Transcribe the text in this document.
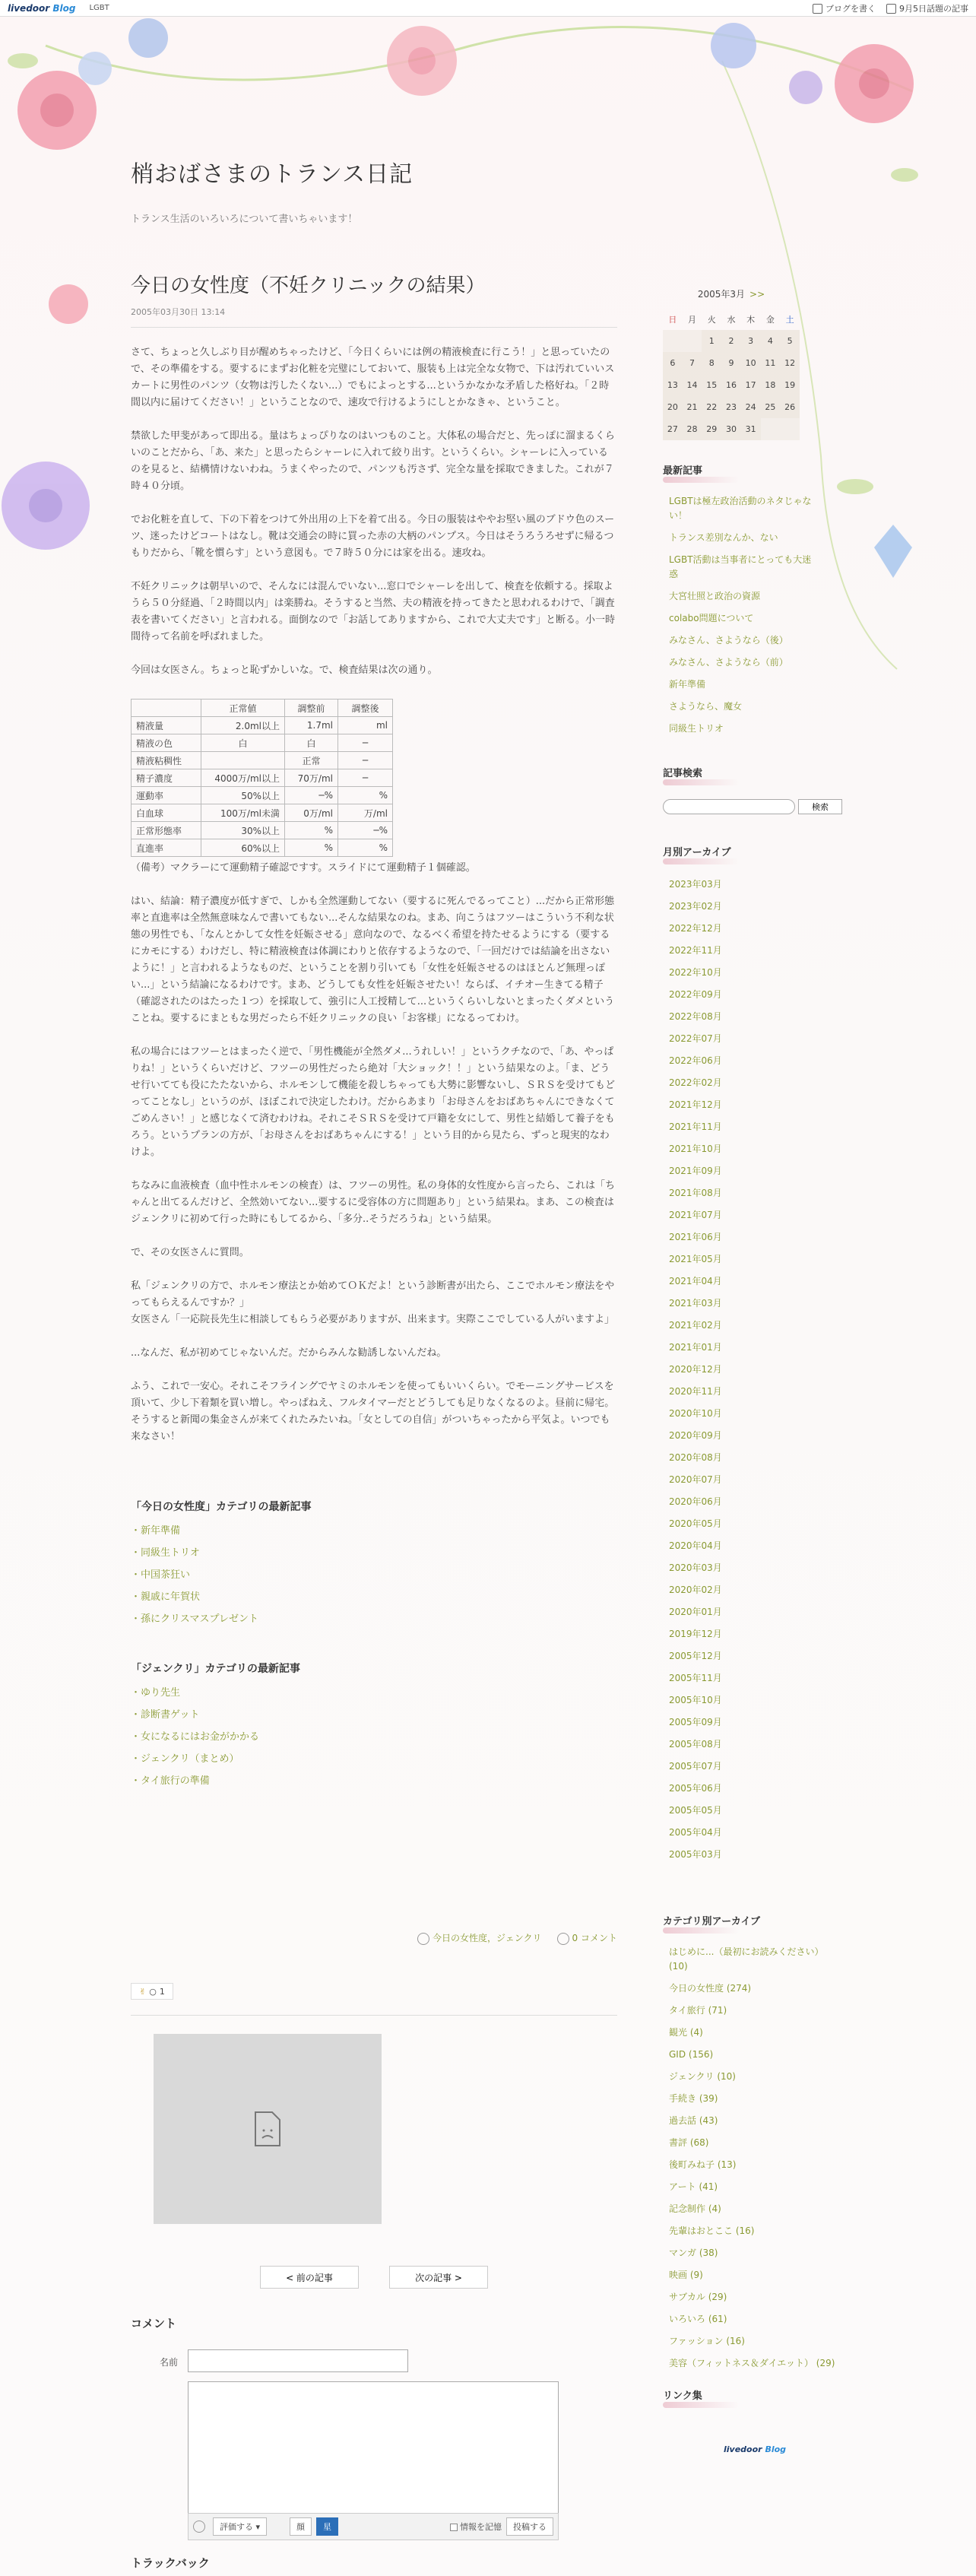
livedoor Blog LGBT	ブログを書く	9月5日話題の記事
梢おばさまのトランス日記
トランス生活のいろいろについて書いちゃいます！
今日の女性度（不妊クリニックの結果）
2005年03月30日 13:14

さて、ちょっと久しぶり目が醒めちゃったけど、「今日くらいには例の精液検査に行こう！」と思っていたので、その準備をする。要するにまずお化粧を完璧にしておいて、服装も上は完全な女物で、下は汚れていいスカートに男性のパンツ（女物は汚したくない...）でもによっとする...というかなかな矛盾した格好ね。「２時間以内に届けてください！」ということなので、速攻で行けるようにしとかなきゃ、ということ。

禁欲した甲斐があって即出る。量はちょっぴりなのはいつものこと。大体私の場合だと、先っぽに溜まるくらいのことだから、「あ、来た」と思ったらシャーレに入れて絞り出す。というくらい。シャーレに入っているのを見ると、結構情けないわね。うまくやったので、パンツも汚さず、完全な量を採取できました。これが７時４０分頃。

でお化粧を直して、下の下着をつけて外出用の上下を着て出る。今日の服装はややお堅い風のブドウ色のスーツ、迷ったけどコートはなし。靴は交通会の時に買った赤の大柄のパンプス。今日はそうろうろせずに帰るつもりだから、「靴を慣らす」という意図も。で７時５０分には家を出る。速攻ね。

不妊クリニックは朝早いので、そんなには混んでいない...窓口でシャーレを出して、検査を依頼する。採取ようら５０分経過、「２時間以内」は楽勝ね。そうすると当然、夫の精液を持ってきたと思われるわけで、「調査表を書いてください」と言われる。面倒なので「お話してありますから、これで大丈夫です」と断る。小一時間待って名前を呼ばれました。

今回は女医さん。ちょっと恥ずかしいな。で、検査結果は次の通り。

	正常値	調整前	調整後
精液量	2.0ml以上	1.7ml	ml
精液の色	白	白	─
精液粘稠性		正常	─
精子濃度	4000万/ml以上	70万/ml	─
運動率	50%以上	─%	%
白血球	100万/ml未満	0万/ml	万/ml
正常形態率	30%以上	%	─%
直進率	60%以上	%	%

（備考）マクラーにて運動精子確認ですす。スライドにて運動精子１個確認。

はい、結論：精子濃度が低すぎで、しかも全然運動してない（要するに死んでるってこと）...だから正常形態率と直進率は全然無意味なんで書いてもない...そんな結果なのね。まあ、向こうはフツーはこういう不利な状態の男性でも、「なんとかして女性を妊娠させる」意向なので、なるべく希望を持たせるようにする（要するにカモにする）わけだし、特に精液検査は体調にわりと依存するようなので、「一回だけでは結論を出さないように！」と言われるようなものだ、ということを割り引いても「女性を妊娠させるのはほとんど無理っぽい...」という結論になるわけです。まあ、どうしても女性を妊娠させたい！ならば、イチオー生きてる精子（確認されたのはたった１つ）を採取して、強引に人工授精して...というくらいしないとまったくダメということね。要するにまともな男だったら不妊クリニックの良い「お客様」になるってわけ。

私の場合にはフツーとはまったく逆で、「男性機能が全然ダメ...うれしい！」というクチなので、「あ、やっぱりね！」というくらいだけど、フツーの男性だったら絶対「大ショック！！」という結果なのよ。「ま、どうせ行いてても役にたたないから、ホルモンして機能を殺しちゃっても大勢に影響ないし、ＳＲＳを受けてもどってことなし」というのが、ほぼこれで決定したわけ。だからあまり「お母さんをおばあちゃんにできなくてごめんさい！」と感じなくて済むわけね。それこそＳＲＳを受けて戸籍を女にして、男性と結婚して養子をもろう。というプランの方が、「お母さんをおばあちゃんにする！」という目的から見たら、ずっと現実的なわけよ。

ちなみに血液検査（血中性ホルモンの検査）は、フツーの男性。私の身体的女性度から言ったら、これは「ちゃんと出てるんだけど、全然効いてない...要するに受容体の方に問題あり」という結果ね。まあ、この検査はジェンクリに初めて行った時にもしてるから、「多分..そうだろうね」という結果。

で、その女医さんに質問。

私「ジェンクリの方で、ホルモン療法とか始めてＯＫだよ！という診断書が出たら、ここでホルモン療法をやってもらえるんですか？」
女医さん「一応院長先生に相談してもらう必要がありますが、出来ます。実際ここでしている人がいますよ」

...なんだ、私が初めてじゃないんだ。だからみんな勧誘しないんだね。

ふう、これで一安心。それこそフライングでヤミのホルモンを使ってもいいくらい。でモーニングサービスを頂いて、少し下着類を買い増し。やっぱねえ、フルタイマーだとどうしても足りなくなるのよ。昼前に帰宅。そうすると新聞の集金さんが来てくれたみたいね。「女としての自信」がついちゃったから平気よ。いつでも来なさい！

「今日の女性度」カテゴリの最新記事
・ 新年準備
・ 同級生トリオ
・ 中国茶狂い
・ 親戚に年賀状
・ 孫にクリスマスプレゼント
「ジェンクリ」カテゴリの最新記事
・ ゆり先生
・ 診断書ゲット
・ 女になるにはお金がかかる
・ ジェンクリ（まとめ）
・ タイ旅行の準備
今日の女性度，ジェンクリ	0 コメント
✌ ○ 1
< 前の記事	次の記事 >
コメント
名前
評価する ▾	顔	星	情報を記憶	投稿する
トラックバック
2005年3月 >>
日	月	火	水	木	金	土
		1	2	3	4	5
6	7	8	9	10	11	12
13	14	15	16	17	18	19
20	21	22	23	24	25	26
27	28	29	30	31		
最新記事
LGBTは極左政治活動のネタじゃない！
トランス差別なんか、ない
LGBT活動は当事者にとっても大迷惑
大宮壮照と政治の資源
colabo問題について
みなさん、さようなら（後）
みなさん、さようなら（前）
新年準備
さようなら、魔女
同級生トリオ
記事検索
検索
月別アーカイブ
2023年03月
2023年02月
2022年12月
2022年11月
2022年10月
2022年09月
2022年08月
2022年07月
2022年06月
2022年02月
2021年12月
2021年11月
2021年10月
2021年09月
2021年08月
2021年07月
2021年06月
2021年05月
2021年04月
2021年03月
2021年02月
2021年01月
2020年12月
2020年11月
2020年10月
2020年09月
2020年08月
2020年07月
2020年06月
2020年05月
2020年04月
2020年03月
2020年02月
2020年01月
2019年12月
2005年12月
2005年11月
2005年10月
2005年09月
2005年08月
2005年07月
2005年06月
2005年05月
2005年04月
2005年03月
カテゴリ別アーカイブ
はじめに...（最初にお読みください） (10)
今日の女性度 (274)
タイ旅行 (71)
観光 (4)
GID (156)
ジェンクリ (10)
手続き (39)
過去話 (43)
書評 (68)
後町みね子 (13)
アート (41)
記念制作 (4)
先輩はおとここ (16)
マンガ (38)
映画 (9)
サブカル (29)
いろいろ (61)
ファッション (16)
美容（フィットネス＆ダイエット） (29)
リンク集
livedoor Blog
